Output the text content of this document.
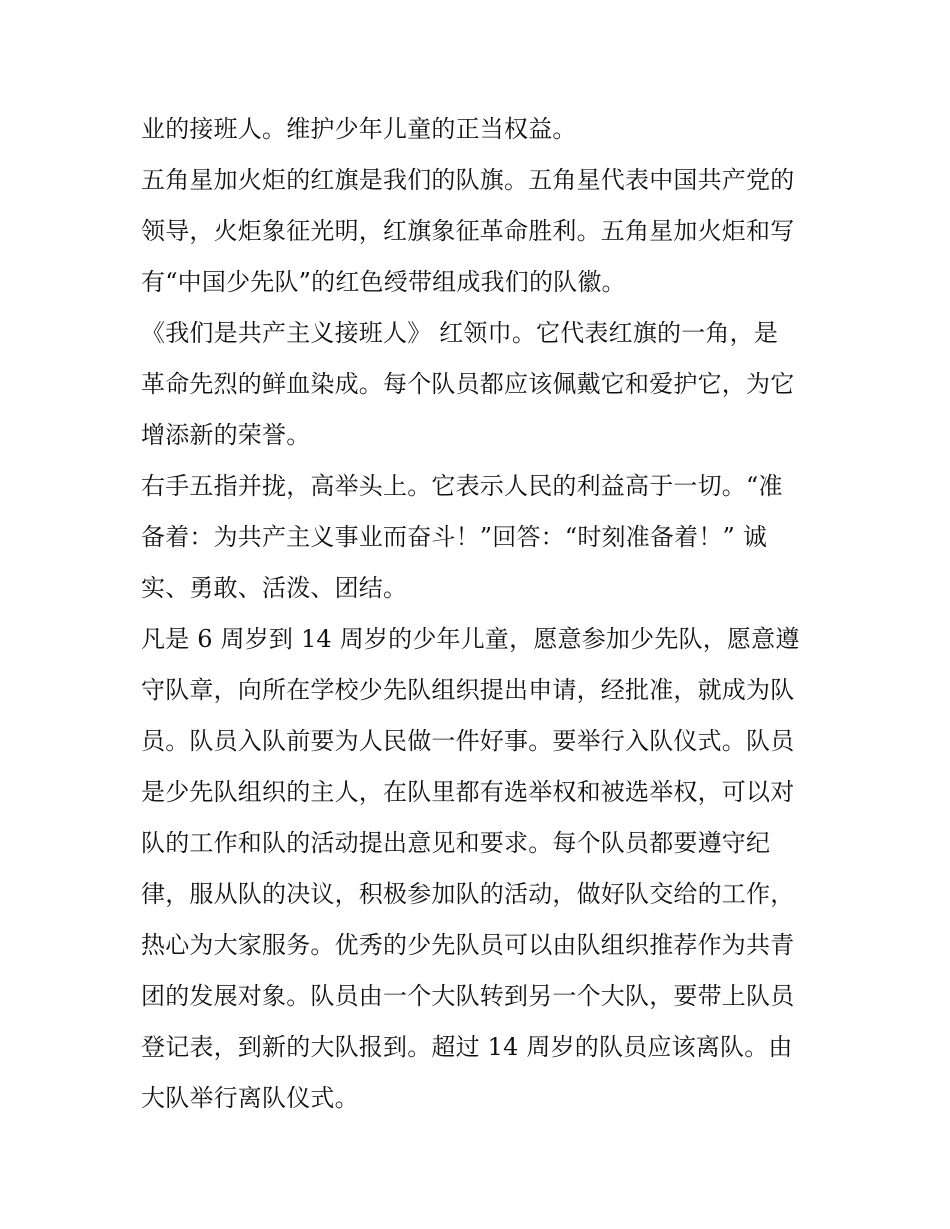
业的接班人。维护少年儿童的正当权益。
五角星加火炬的红旗是我们的队旗。五角星代表中国共产党的
领导，火炬象征光明，红旗象征革命胜利。五角星加火炬和写
有“中国少先队”的红色绶带组成我们的队徽。
《我们是共产主义接班人》 红领巾。它代表红旗的一角，是
革命先烈的鲜血染成。每个队员都应该佩戴它和爱护它，为它
增添新的荣誉。
右手五指并拢，高举头上。它表示人民的利益高于一切。“准
备着：为共产主义事业而奋斗！”回答：“时刻准备着！” 诚
实、勇敢、活泼、团结。
凡是 6 周岁到 14 周岁的少年儿童，愿意参加少先队，愿意遵
守队章，向所在学校少先队组织提出申请，经批准，就成为队
员。队员入队前要为人民做一件好事。要举行入队仪式。队员
是少先队组织的主人，在队里都有选举权和被选举权，可以对
队的工作和队的活动提出意见和要求。每个队员都要遵守纪
律，服从队的决议，积极参加队的活动，做好队交给的工作，
热心为大家服务。优秀的少先队员可以由队组织推荐作为共青
团的发展对象。队员由一个大队转到另一个大队，要带上队员
登记表，到新的大队报到。超过 14 周岁的队员应该离队。由
大队举行离队仪式。
